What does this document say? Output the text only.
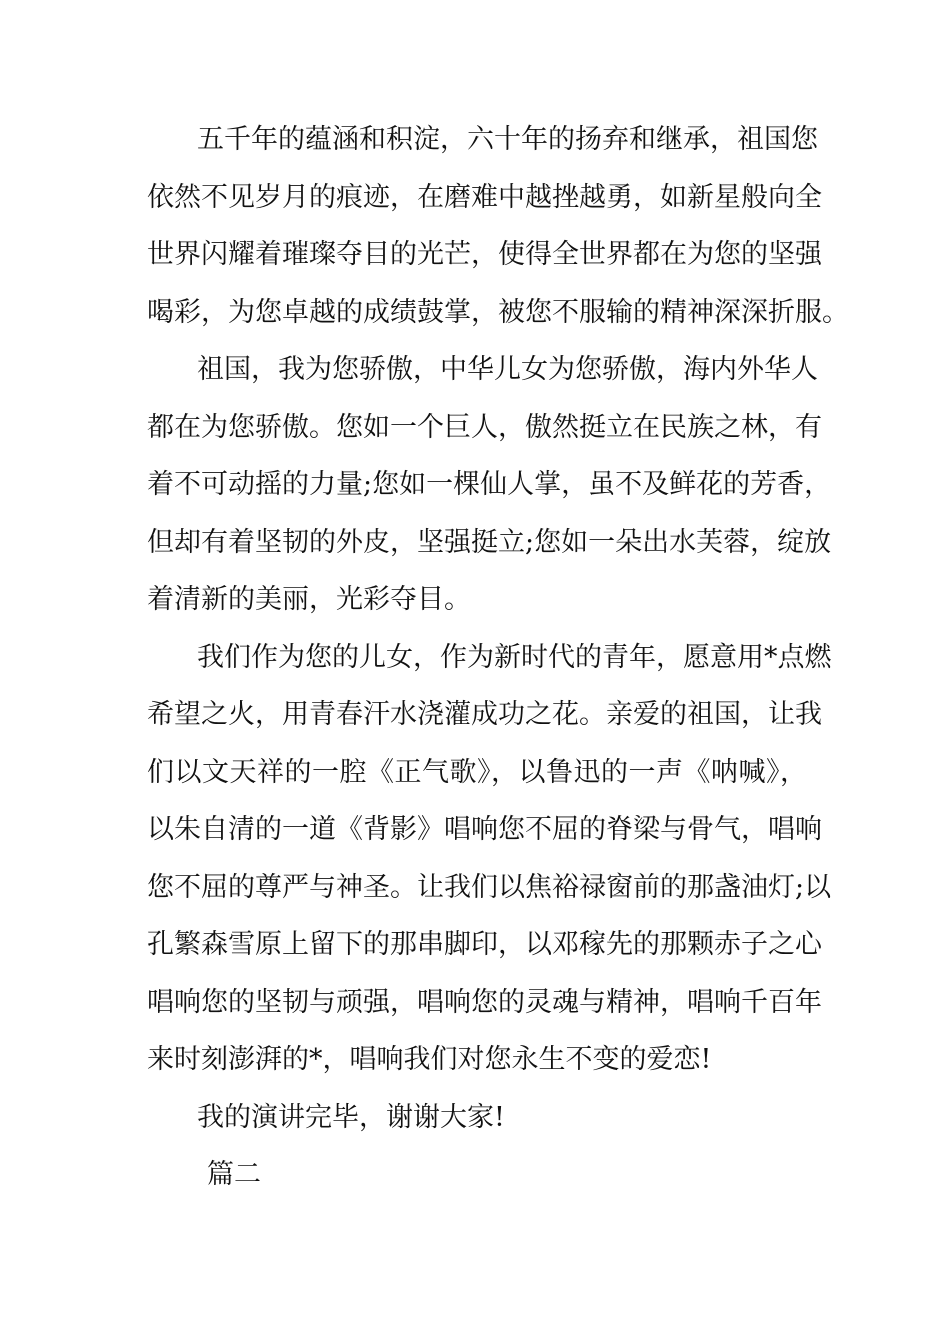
五千年的蕴涵和积淀，六十年的扬弃和继承，祖国您
依然不见岁月的痕迹，在磨难中越挫越勇，如新星般向全
世界闪耀着璀璨夺目的光芒，使得全世界都在为您的坚强
喝彩，为您卓越的成绩鼓掌，被您不服输的精神深深折服。
祖国，我为您骄傲，中华儿女为您骄傲，海内外华人
都在为您骄傲。您如一个巨人，傲然挺立在民族之林，有
着不可动摇的力量;您如一棵仙人掌，虽不及鲜花的芳香，
但却有着坚韧的外皮，坚强挺立;您如一朵出水芙蓉，绽放
着清新的美丽，光彩夺目。
我们作为您的儿女，作为新时代的青年，愿意用*点燃
希望之火，用青春汗水浇灌成功之花。亲爱的祖国，让我
们以文天祥的一腔《正气歌》，以鲁迅的一声《呐喊》，
以朱自清的一道《背影》唱响您不屈的脊梁与骨气，唱响
您不屈的尊严与神圣。让我们以焦裕禄窗前的那盏油灯;以
孔繁森雪原上留下的那串脚印，以邓稼先的那颗赤子之心
唱响您的坚韧与顽强，唱响您的灵魂与精神，唱响千百年
来时刻澎湃的*，唱响我们对您永生不变的爱恋!
我的演讲完毕，谢谢大家!
篇二
